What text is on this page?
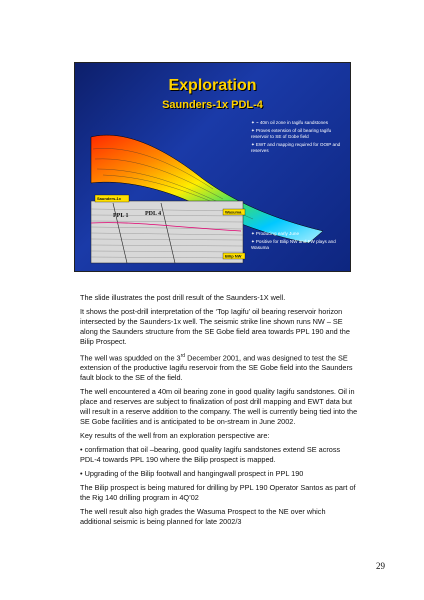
Exploration
Saunders-1x PDL-4
Saunders-1x
PPL 1	PDL 4	Wasuma
Bilip NW
✦~ 40m oil zone in Iagifu sandstones
✦Proves extension of oil bearing Iagifu reservoir to SE of Gobe field
✦EWT and mapping required for OOIP and reserves
✦Producing early June
✦Positive for Bilip NW and FW plays and Wasuma

The slide illustrates the post drill result of the Saunders-1X well.

It shows the post-drill interpretation of the ‘Top Iagifu’ oil bearing reservoir horizon intersected by the Saunders-1x well. The seismic strike line shown runs NW – SE along the Saunders structure from the SE Gobe field area towards PPL 190 and the Bilip Prospect.

The well was spudded on the 3rd December 2001, and was designed to test the SE extension of the productive Iagifu reservoir from the SE Gobe field into the Saunders fault block to the SE of the field.

The well encountered a 40m oil bearing zone in good quality Iagifu sandstones. Oil in place and reserves are subject to finalization of post drill mapping and EWT data but will result in a reserve addition to the company. The well is currently being tied into the SE Gobe facilities and is anticipated to be on-stream in June 2002.

Key results of the well from an exploration perspective are:

• confirmation that oil –bearing, good quality Iagifu sandstones extend SE across PDL-4 towards PPL 190 where the Bilip prospect is mapped.

• Upgrading of the Bilip footwall and hangingwall prospect in PPL 190

The Bilip prospect is being matured for drilling by PPL 190 Operator Santos as part of the Rig 140 drilling program in 4Q’02

The well result also high grades the Wasuma Prospect to the NE over which additional seismic is being planned for late 2002/3

29
